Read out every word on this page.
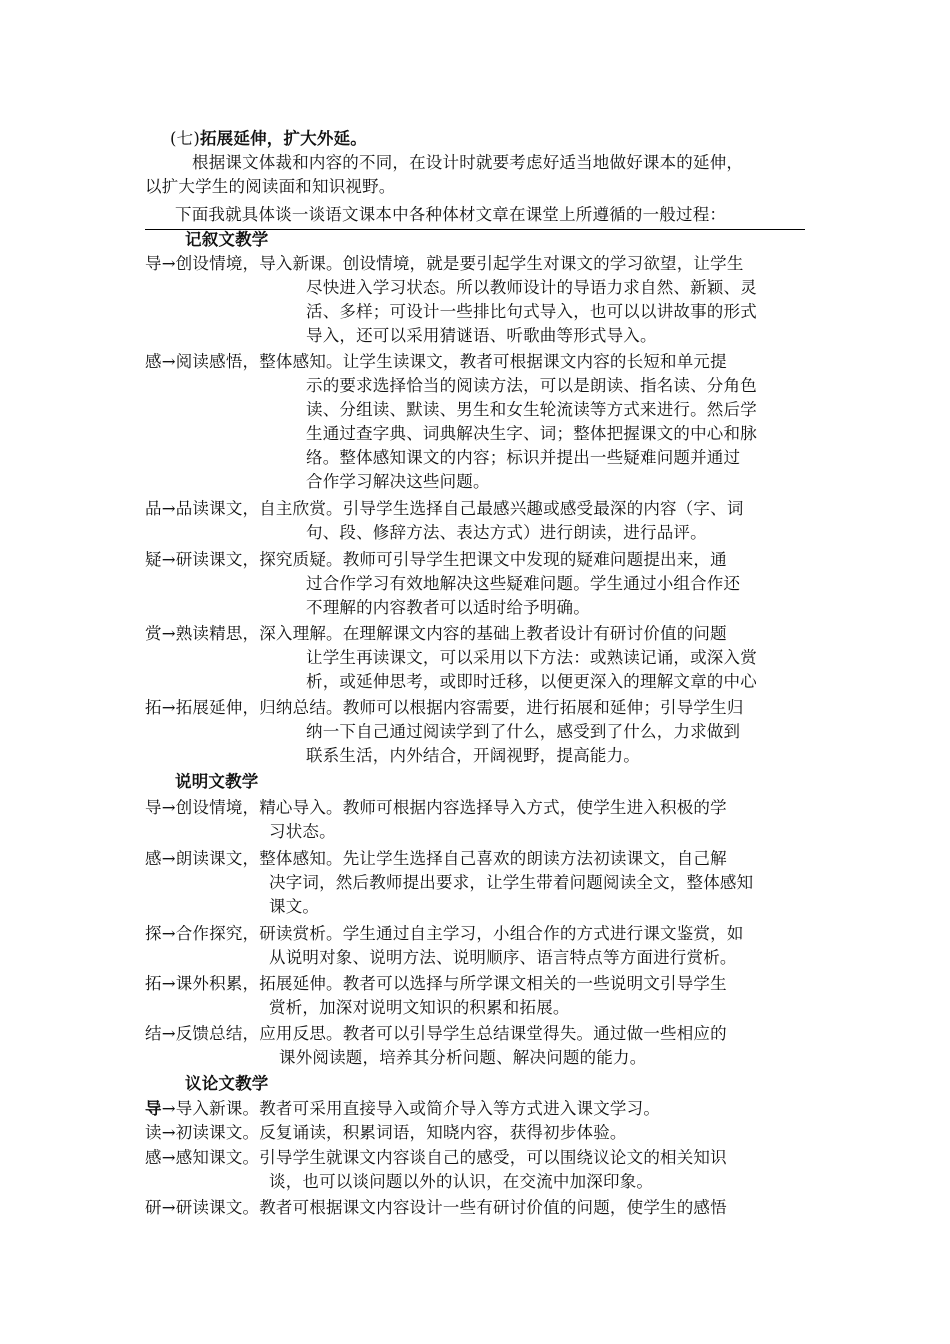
(七)拓展延伸，扩大外延。
根据课文体裁和内容的不同，在设计时就要考虑好适当地做好课本的延伸，
以扩大学生的阅读面和知识视野。
下面我就具体谈一谈语文课本中各种体材文章在课堂上所遵循的一般过程：
记叙文教学
导→创设情境，导入新课。创设情境，就是要引起学生对课文的学习欲望，让学生
尽快进入学习状态。所以教师设计的导语力求自然、新颖、灵
活、多样；可设计一些排比句式导入，也可以以讲故事的形式
导入，还可以采用猜谜语、听歌曲等形式导入。
感→阅读感悟，整体感知。让学生读课文，教者可根据课文内容的长短和单元提
示的要求选择恰当的阅读方法，可以是朗读、指名读、分角色
读、分组读、默读、男生和女生轮流读等方式来进行。然后学
生通过查字典、词典解决生字、词；整体把握课文的中心和脉
络。整体感知课文的内容；标识并提出一些疑难问题并通过
合作学习解决这些问题。
品→品读课文，自主欣赏。引导学生选择自己最感兴趣或感受最深的内容（字、词
句、段、修辞方法、表达方式）进行朗读，进行品评。
疑→研读课文，探究质疑。教师可引导学生把课文中发现的疑难问题提出来，通
过合作学习有效地解决这些疑难问题。学生通过小组合作还
不理解的内容教者可以适时给予明确。
赏→熟读精思，深入理解。在理解课文内容的基础上教者设计有研讨价值的问题
让学生再读课文，可以采用以下方法：或熟读记诵，或深入赏
析，或延伸思考，或即时迁移，以便更深入的理解文章的中心
拓→拓展延伸，归纳总结。教师可以根据内容需要，进行拓展和延伸；引导学生归
纳一下自己通过阅读学到了什么，感受到了什么，力求做到
联系生活，内外结合，开阔视野，提高能力。
说明文教学
导→创设情境，精心导入。教师可根据内容选择导入方式，使学生进入积极的学
习状态。
感→朗读课文，整体感知。先让学生选择自己喜欢的朗读方法初读课文，自己解
决字词，然后教师提出要求，让学生带着问题阅读全文，整体感知
课文。
探→合作探究，研读赏析。学生通过自主学习，小组合作的方式进行课文鉴赏，如
从说明对象、说明方法、说明顺序、语言特点等方面进行赏析。
拓→课外积累，拓展延伸。教者可以选择与所学课文相关的一些说明文引导学生
赏析，加深对说明文知识的积累和拓展。
结→反馈总结，应用反思。教者可以引导学生总结课堂得失。通过做一些相应的
课外阅读题，培养其分析问题、解决问题的能力。
议论文教学
导→导入新课。教者可采用直接导入或简介导入等方式进入课文学习。
读→初读课文。反复诵读，积累词语，知晓内容，获得初步体验。
感→感知课文。引导学生就课文内容谈自己的感受，可以围绕议论文的相关知识
谈，也可以谈问题以外的认识，在交流中加深印象。
研→研读课文。教者可根据课文内容设计一些有研讨价值的问题，使学生的感悟
